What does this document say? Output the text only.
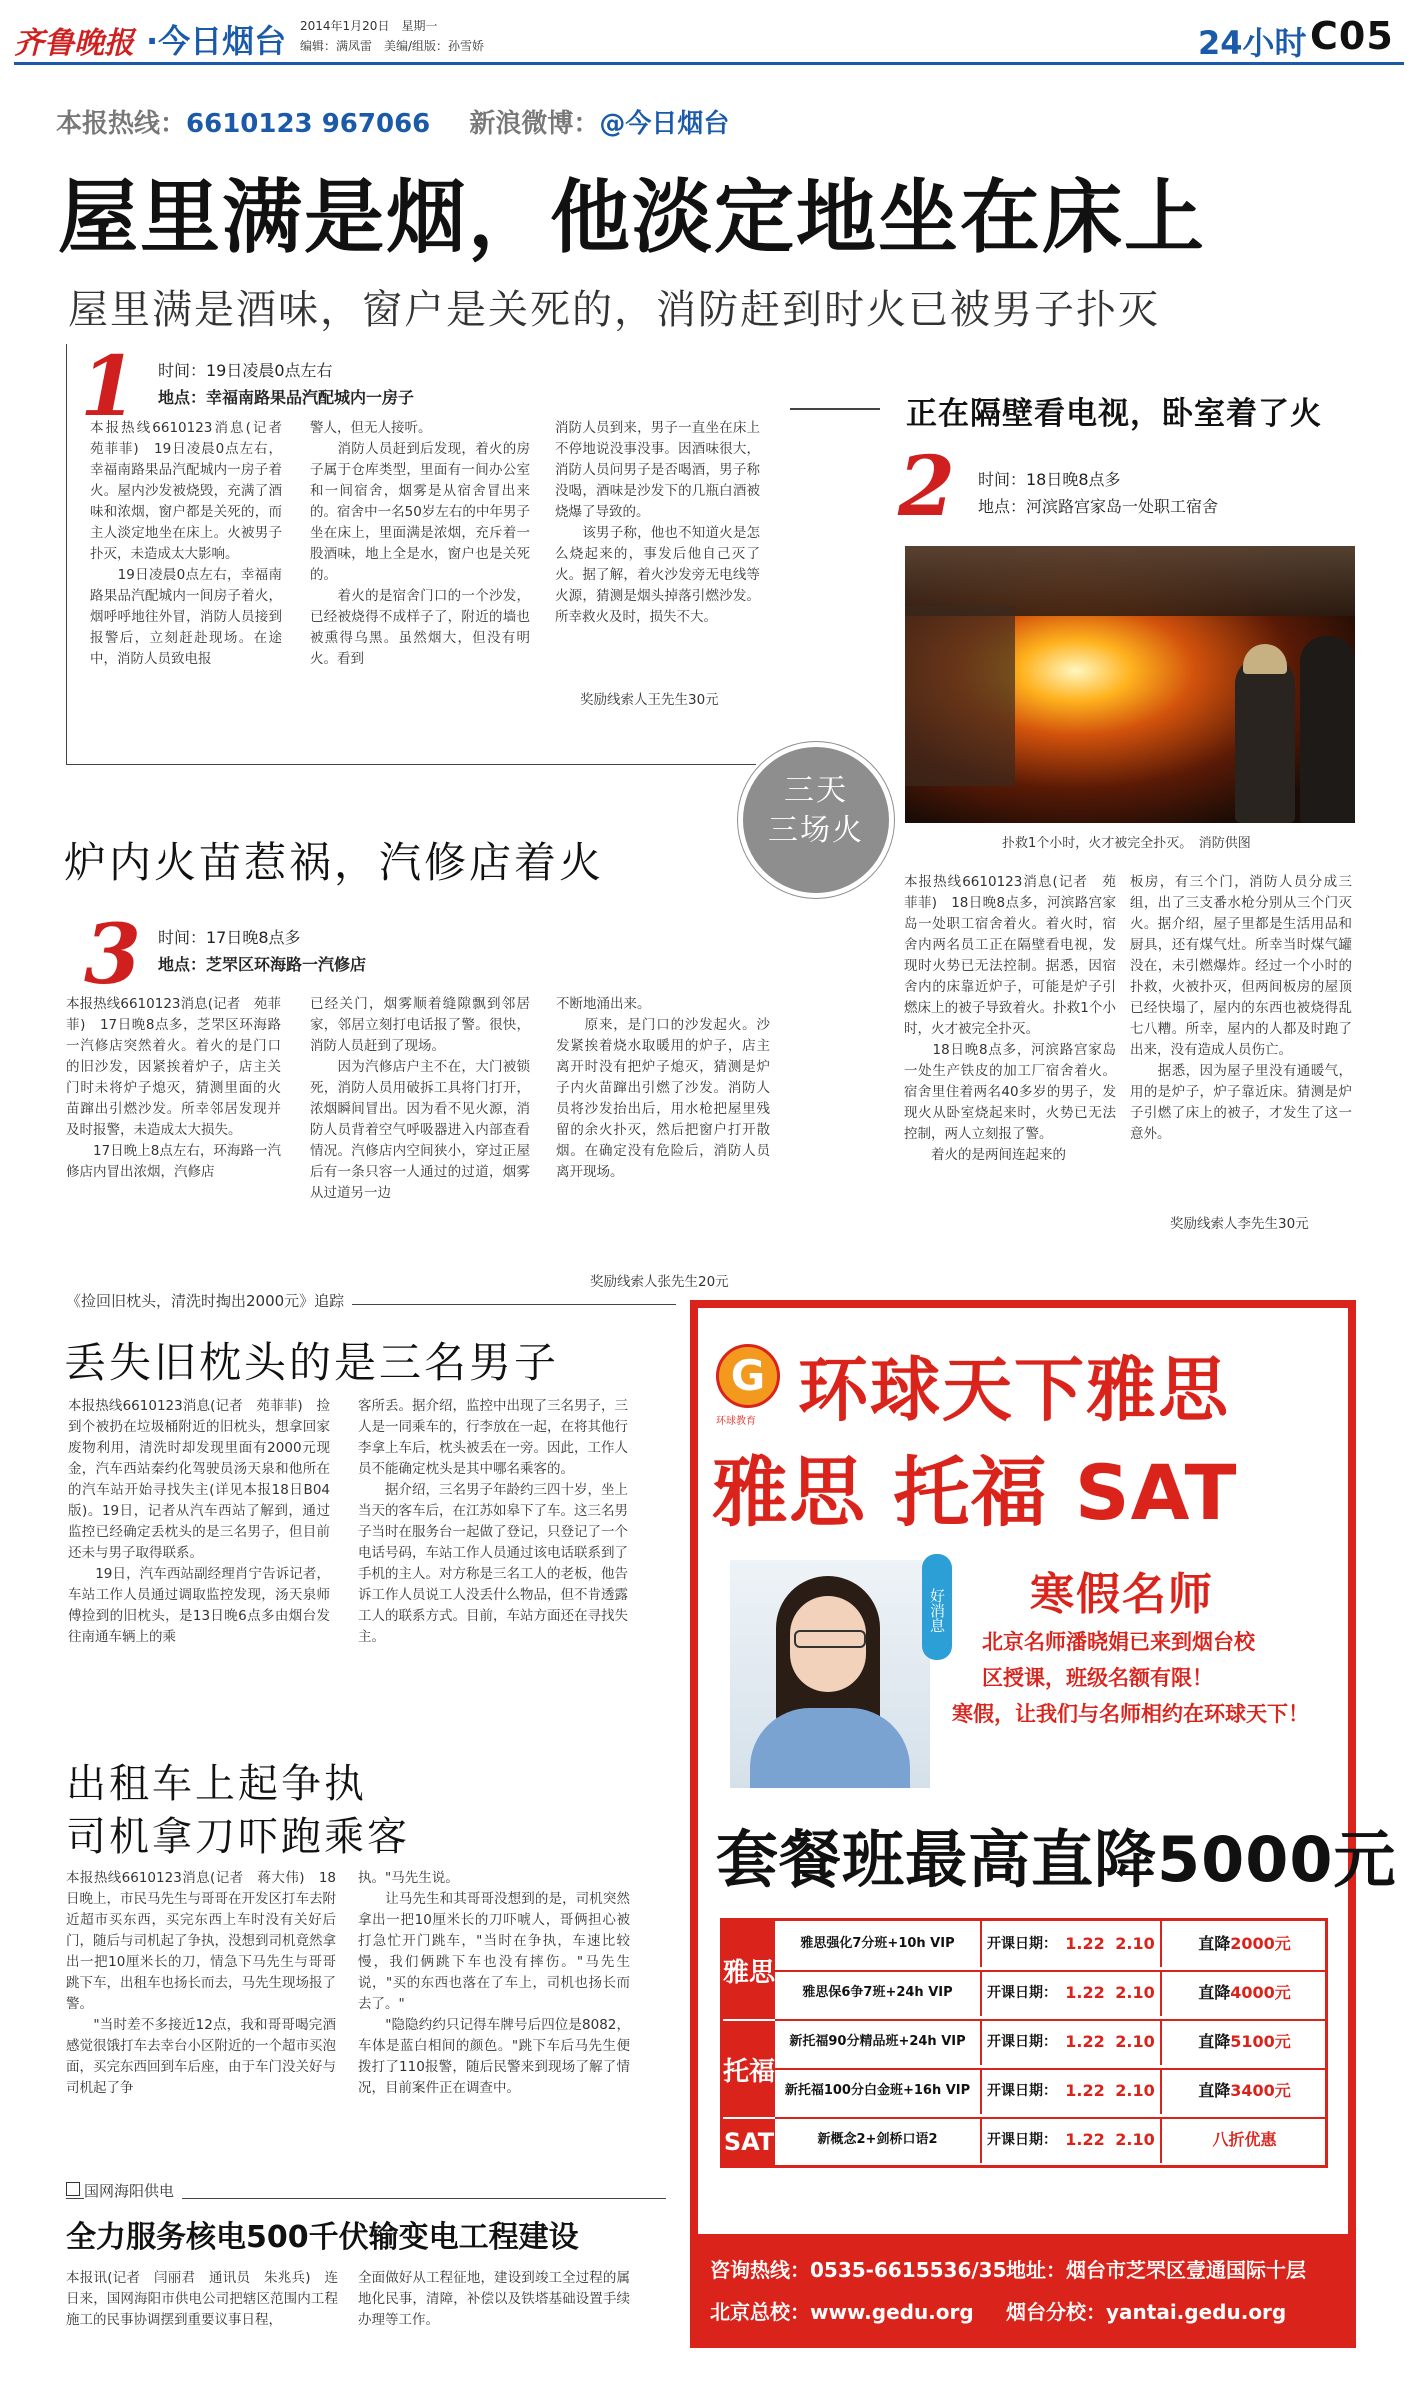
齐鲁晚报 ·今日烟台 2014年1月20日　星期一
编辑：满凤雷　美编/组版：孙雪娇	24小时 C05
本报热线：6610123 967066 新浪微博：@今日烟台
屋里满是烟，他淡定地坐在床上
屋里满是酒味，窗户是关死的，消防赶到时火已被男子扑灭
1 时间：19日凌晨0点左右
地点：幸福南路果品汽配城内一房子
本报热线6610123消息(记者　苑菲菲)　19日凌晨0点左右，幸福南路果品汽配城内一房子着火。屋内沙发被烧毁，充满了酒味和浓烟，窗户都是关死的，而主人淡定地坐在床上。火被男子扑灭，未造成太大影响。
　　19日凌晨0点左右，幸福南路果品汽配城内一间房子着火，烟呼呼地往外冒，消防人员接到报警后，立刻赶赴现场。在途中，消防人员致电报
警人，但无人接听。
　　消防人员赶到后发现，着火的房子属于仓库类型，里面有一间办公室和一间宿舍，烟雾是从宿舍冒出来的。宿舍中一名50岁左右的中年男子坐在床上，里面满是浓烟，充斥着一股酒味，地上全是水，窗户也是关死的。
　　着火的是宿舍门口的一个沙发，已经被烧得不成样子了，附近的墙也被熏得乌黑。虽然烟大，但没有明火。看到
消防人员到来，男子一直坐在床上不停地说没事没事。因酒味很大，消防人员问男子是否喝酒，男子称没喝，酒味是沙发下的几瓶白酒被烧爆了导致的。
　　该男子称，他也不知道火是怎么烧起来的，事发后他自己灭了火。据了解，着火沙发旁无电线等火源，猜测是烟头掉落引燃沙发。所幸救火及时，损失不大。
奖励线索人王先生30元
正在隔壁看电视，卧室着了火
2 时间：18日晚8点多
地点：河滨路宫家岛一处职工宿舍
扑救1个小时，火才被完全扑灭。　消防供图
本报热线6610123消息(记者　苑菲菲)　18日晚8点多，河滨路宫家岛一处职工宿舍着火。着火时，宿舍内两名员工正在隔壁看电视，发现时火势已无法控制。据悉，因宿舍内的床靠近炉子，可能是炉子引燃床上的被子导致着火。扑救1个小时，火才被完全扑灭。
　　18日晚8点多，河滨路宫家岛一处生产铁皮的加工厂宿舍着火。宿舍里住着两名40多岁的男子，发现火从卧室烧起来时，火势已无法控制，两人立刻报了警。
　　着火的是两间连起来的
板房，有三个门，消防人员分成三组，出了三支番水枪分别从三个门灭火。据介绍，屋子里都是生活用品和厨具，还有煤气灶。所幸当时煤气罐没在，未引燃爆炸。经过一个小时的扑救，火被扑灭，但两间板房的屋顶已经快塌了，屋内的东西也被烧得乱七八糟。所幸，屋内的人都及时跑了出来，没有造成人员伤亡。
　　据悉，因为屋子里没有通暖气，用的是炉子，炉子靠近床。猜测是炉子引燃了床上的被子，才发生了这一意外。
奖励线索人李先生30元
三天
三场火
炉内火苗惹祸，汽修店着火
3 时间：17日晚8点多
地点：芝罘区环海路一汽修店
本报热线6610123消息(记者　苑菲菲)　17日晚8点多，芝罘区环海路一汽修店突然着火。着火的是门口的旧沙发，因紧挨着炉子，店主关门时未将炉子熄灭，猜测里面的火苗蹿出引燃沙发。所幸邻居发现并及时报警，未造成太大损失。
　　17日晚上8点左右，环海路一汽修店内冒出浓烟，汽修店
已经关门，烟雾顺着缝隙飘到邻居家，邻居立刻打电话报了警。很快，消防人员赶到了现场。
　　因为汽修店户主不在，大门被锁死，消防人员用破拆工具将门打开，浓烟瞬间冒出。因为看不见火源，消防人员背着空气呼吸器进入内部查看情况。汽修店内空间狭小，穿过正屋后有一条只容一人通过的过道，烟雾从过道另一边
不断地涌出来。
　　原来，是门口的沙发起火。沙发紧挨着烧水取暖用的炉子，店主离开时没有把炉子熄灭，猜测是炉子内火苗蹿出引燃了沙发。消防人员将沙发抬出后，用水枪把屋里残留的余火扑灭，然后把窗户打开散烟。在确定没有危险后，消防人员离开现场。
奖励线索人张先生20元
《捡回旧枕头，清洗时掏出2000元》追踪
丢失旧枕头的是三名男子
本报热线6610123消息(记者　苑菲菲)　捡到个被扔在垃圾桶附近的旧枕头，想拿回家废物利用，清洗时却发现里面有2000元现金，汽车西站秦约化驾驶员汤天泉和他所在的汽车站开始寻找失主(详见本报18日B04版)。19日，记者从汽车西站了解到，通过监控已经确定丢枕头的是三名男子，但目前还未与男子取得联系。
　　19日，汽车西站副经理肖宁告诉记者，车站工作人员通过调取监控发现，汤天泉师傅捡到的旧枕头，是13日晚6点多由烟台发往南通车辆上的乘
客所丢。据介绍，监控中出现了三名男子，三人是一同乘车的，行李放在一起，在将其他行李拿上车后，枕头被丢在一旁。因此，工作人员不能确定枕头是其中哪名乘客的。
　　据介绍，三名男子年龄约三四十岁，坐上当天的客车后，在江苏如皋下了车。这三名男子当时在服务台一起做了登记，只登记了一个电话号码，车站工作人员通过该电话联系到了手机的主人。对方称是三名工人的老板，他告诉工作人员说工人没丢什么物品，但不肯透露工人的联系方式。目前，车站方面还在寻找失主。
出租车上起争执
司机拿刀吓跑乘客
本报热线6610123消息(记者　蒋大伟)　18日晚上，市民马先生与哥哥在开发区打车去附近超市买东西，买完东西上车时没有关好后门，随后与司机起了争执，没想到司机竟然拿出一把10厘米长的刀，情急下马先生与哥哥跳下车，出租车也扬长而去，马先生现场报了警。
　　"当时差不多接近12点，我和哥哥喝完酒感觉很饿打车去幸台小区附近的一个超市买泡面，买完东西回到车后座，由于车门没关好与司机起了争
执。"马先生说。
　　让马先生和其哥哥没想到的是，司机突然拿出一把10厘米长的刀吓唬人，哥俩担心被打急忙开门跳车，"当时在争执，车速比较慢，我们俩跳下车也没有摔伤。"马先生说，"买的东西也落在了车上，司机也扬长而去了。"
　　"隐隐约约只记得车牌号后四位是8082，车体是蓝白相间的颜色。"跳下车后马先生便拨打了110报警，随后民警来到现场了解了情况，目前案件正在调查中。
国网海阳供电
全力服务核电500千伏输变电工程建设
本报讯(记者　闫丽君　通讯员　朱兆兵)　连日来，国网海阳市供电公司把辖区范围内工程施工的民事协调摆到重要议事日程，
全面做好从工程征地，建设到竣工全过程的属地化民事，清障，补偿以及铁塔基础设置手续办理等工作。
G
环球教育 环球天下雅思
雅思 托福 SAT
好消息 寒假名师
北京名师潘晓娟已来到烟台校
区授课，班级名额有限！
寒假，让我们与名师相约在环球天下！
套餐班最高直降5000元
雅思
托福
SAT
雅思强化7分班+10h VIP	开课日期： 1.22 2.10	直降2000元
雅思保6争7班+24h VIP	开课日期： 1.22 2.10	直降4000元
新托福90分精品班+24h VIP	开课日期： 1.22 2.10	直降5100元
新托福100分白金班+16h VIP	开课日期： 1.22 2.10	直降3400元
新概念2+剑桥口语2	开课日期： 1.22 2.10	八折优惠
咨询热线：0535-6615536/35 地址：烟台市芝罘区壹通国际十层
北京总校：www.gedu.org 烟台分校：yantai.gedu.org
